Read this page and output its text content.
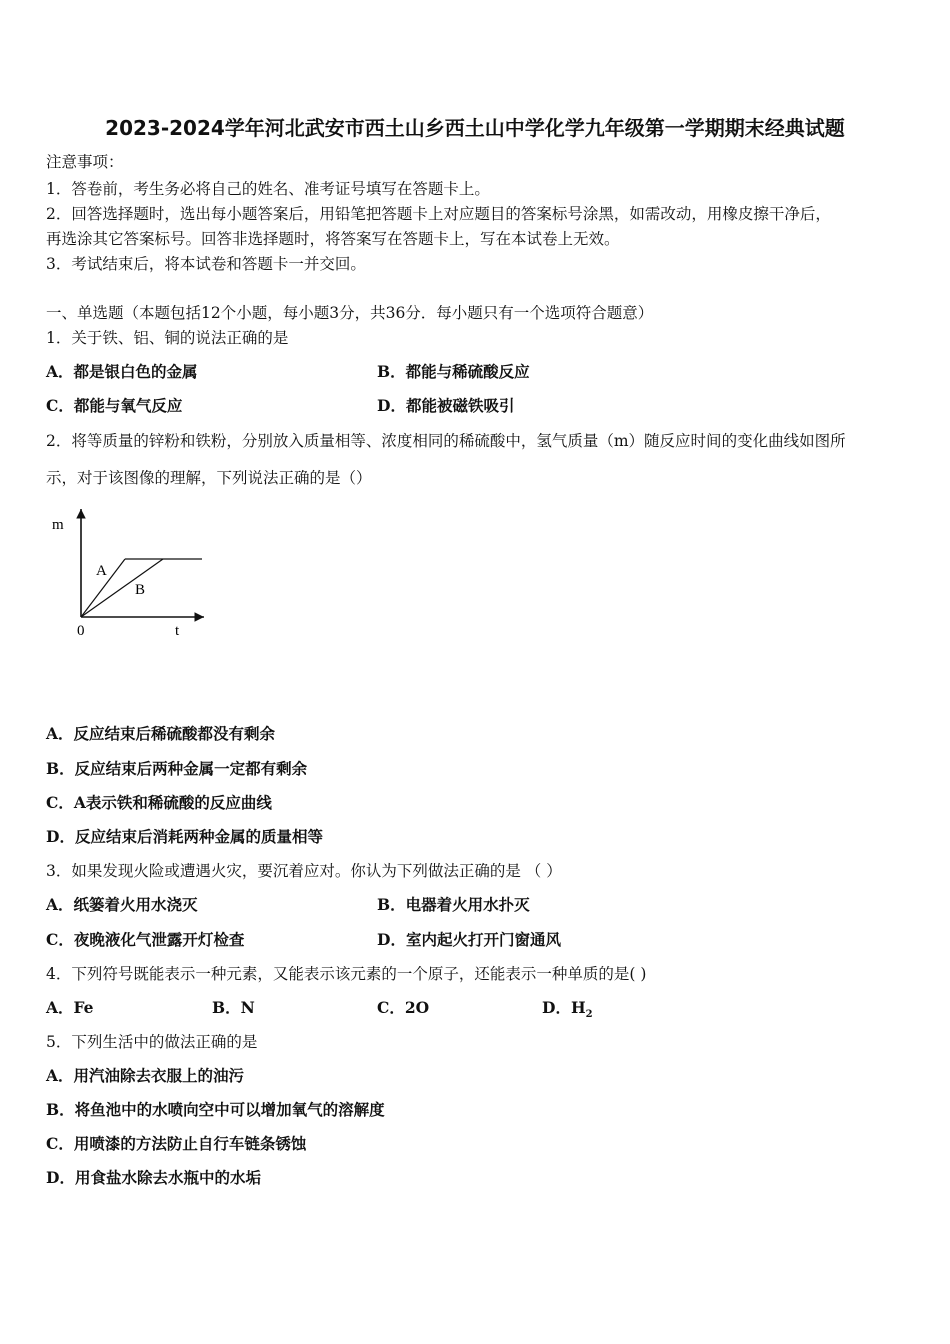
2023-2024学年河北武安市西土山乡西土山中学化学九年级第一学期期末经典试题
注意事项：
1．答卷前，考生务必将自己的姓名、准考证号填写在答题卡上。
2．回答选择题时，选出每小题答案后，用铅笔把答题卡上对应题目的答案标号涂黑，如需改动，用橡皮擦干净后，
再选涂其它答案标号。回答非选择题时，将答案写在答题卡上，写在本试卷上无效。
3．考试结束后，将本试卷和答题卡一并交回。
一、单选题（本题包括12个小题，每小题3分，共36分．每小题只有一个选项符合题意）
1．关于铁、铝、铜的说法正确的是
A．都是银白色的金属	B．都能与稀硫酸反应
C．都能与氧气反应	D．都能被磁铁吸引
2．将等质量的锌粉和铁粉，分别放入质量相等、浓度相同的稀硫酸中，氢气质量（m）随反应时间的变化曲线如图所
示，对于该图像的理解，下列说法正确的是（）
m
t
0
A
B
A．反应结束后稀硫酸都没有剩余
B．反应结束后两种金属一定都有剩余
C．A表示铁和稀硫酸的反应曲线
D．反应结束后消耗两种金属的质量相等
3．如果发现火险或遭遇火灾，要沉着应对。你认为下列做法正确的是 （ ）
A．纸篓着火用水浇灭	B．电器着火用水扑灭
C．夜晚液化气泄露开灯检查	D．室内起火打开门窗通风
4．下列符号既能表示一种元素，又能表示该元素的一个原子，还能表示一种单质的是( )
A．Fe	B．N	C．2O	D．$H_2$
5．下列生活中的做法正确的是
A．用汽油除去衣服上的油污
B．将鱼池中的水喷向空中可以增加氧气的溶解度
C．用喷漆的方法防止自行车链条锈蚀
D．用食盐水除去水瓶中的水垢
